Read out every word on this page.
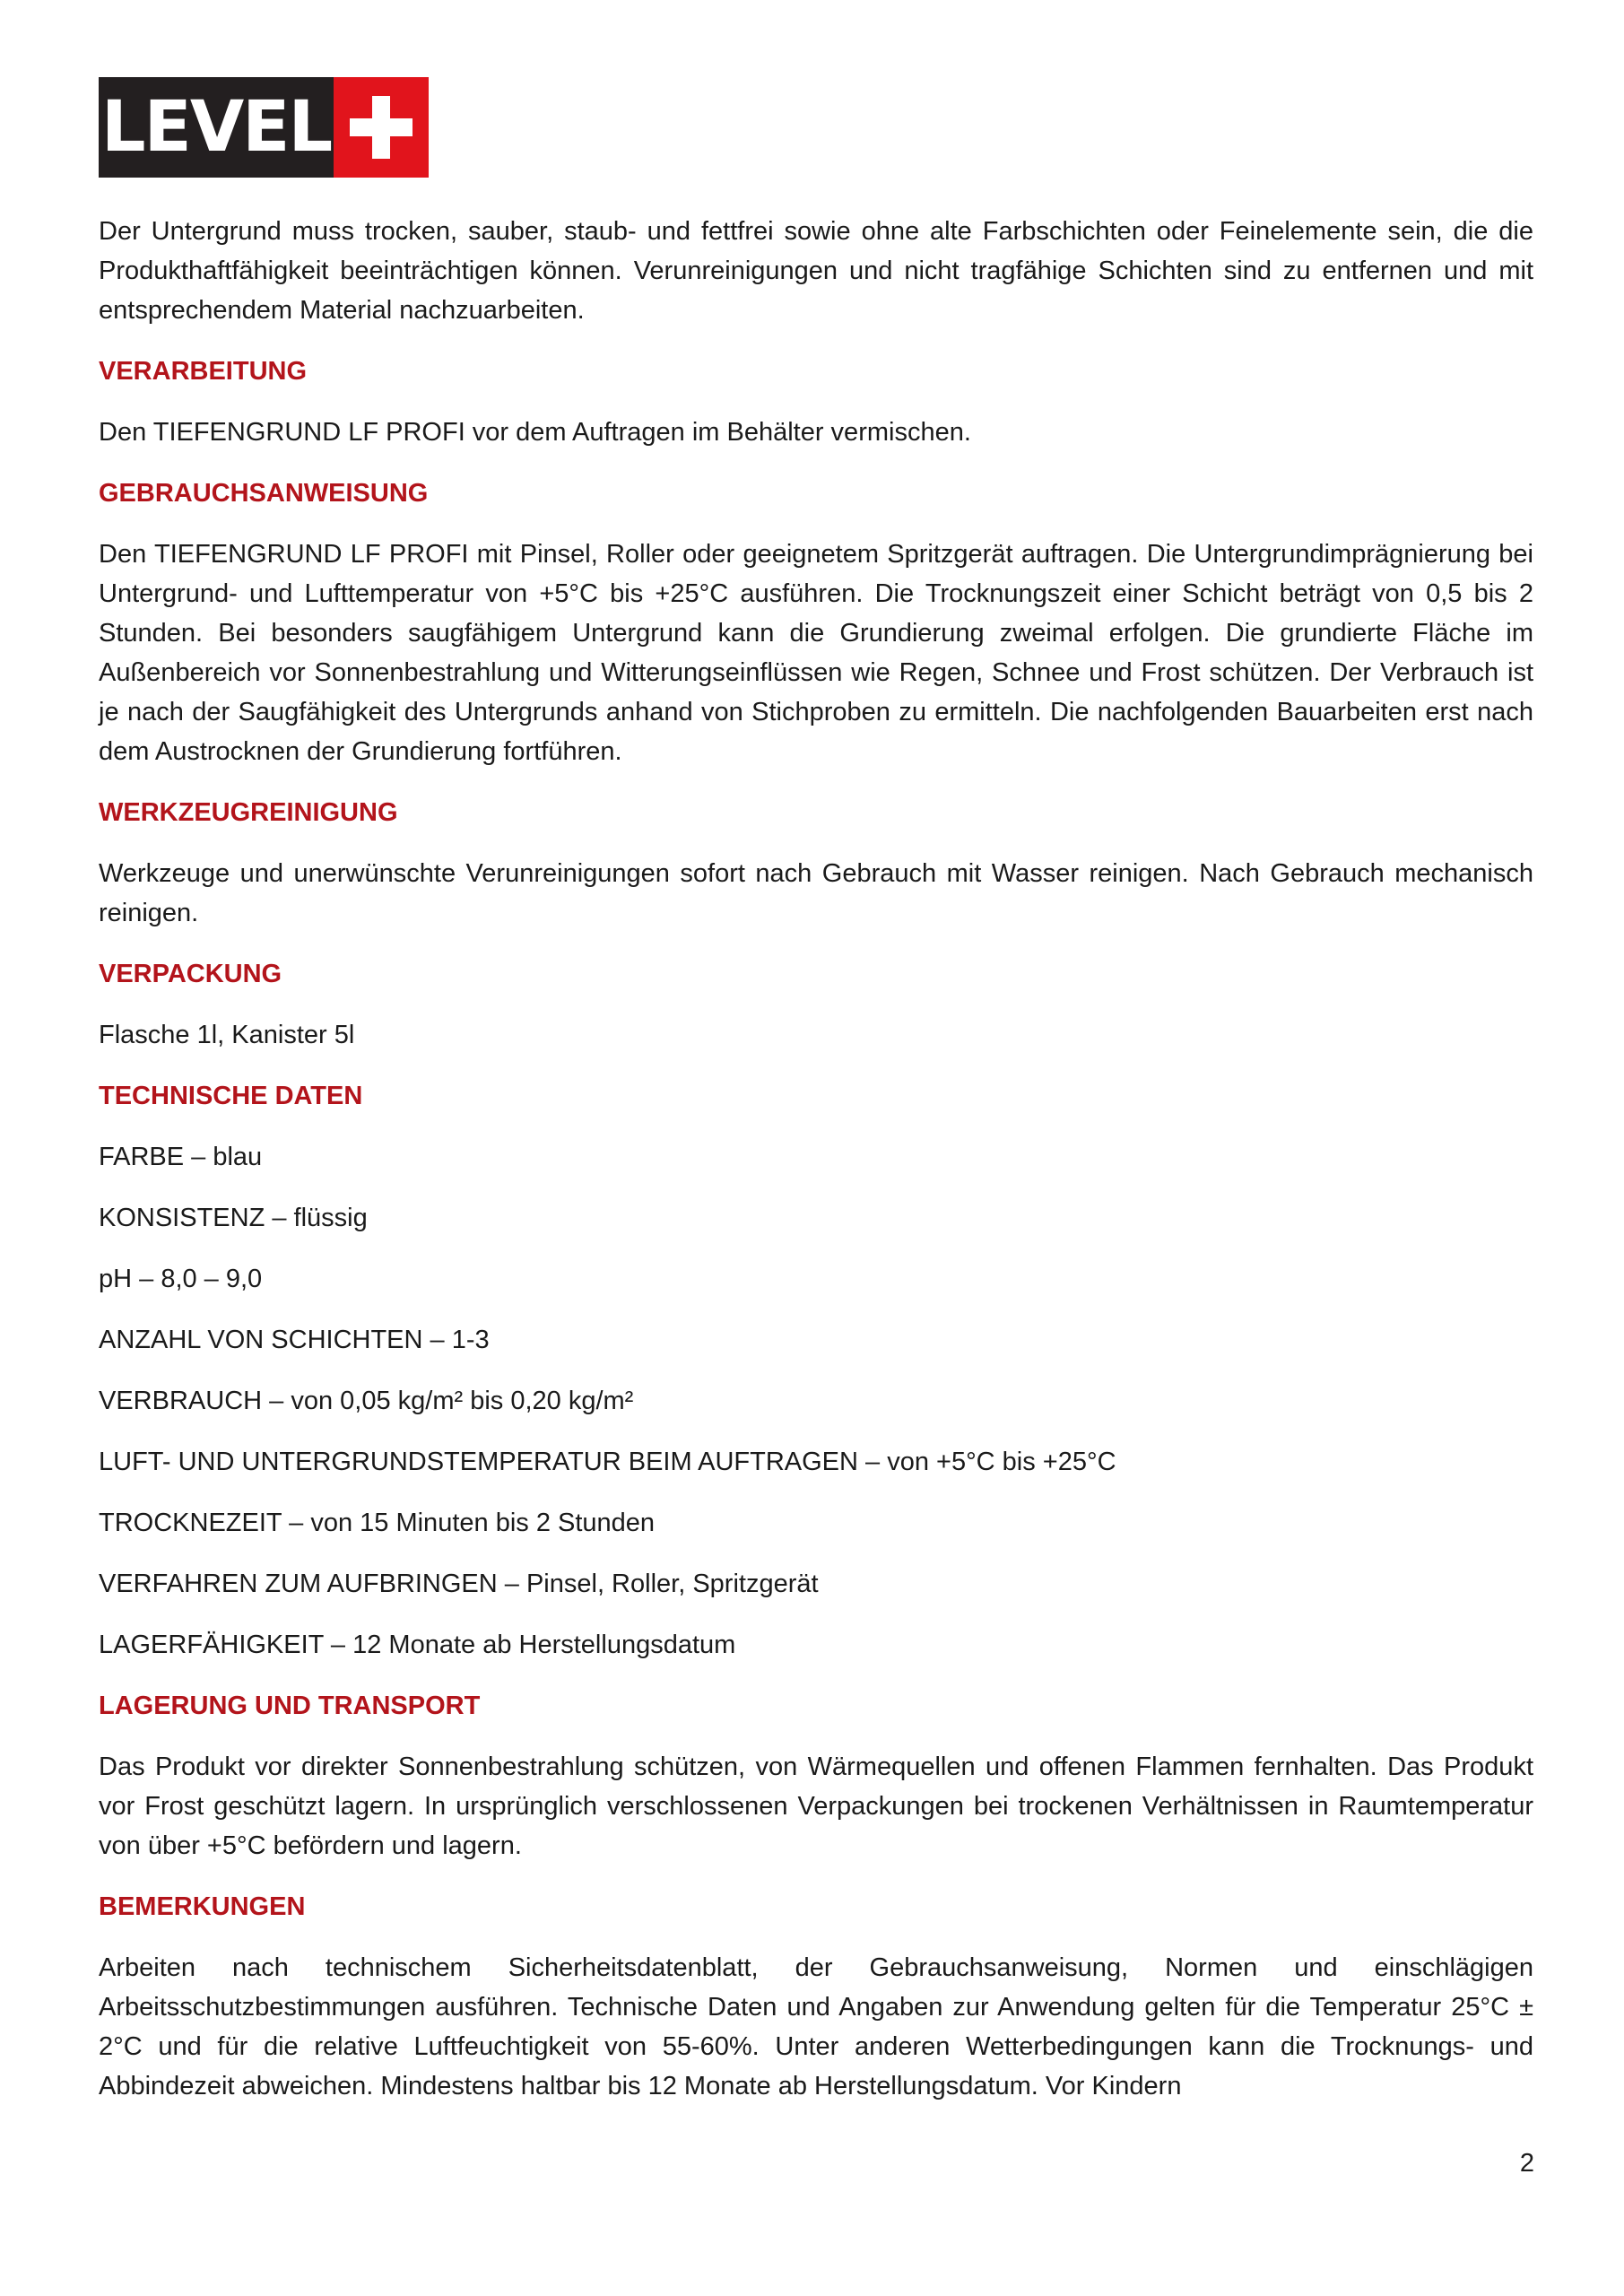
LEVEL

Der Untergrund muss trocken, sauber, staub- und fettfrei sowie ohne alte Farbschichten oder Feinelemente sein, die die Produkthaftfähigkeit beeinträchtigen können. Verunreinigungen und nicht tragfähige Schichten sind zu entfernen und mit entsprechendem Material nachzuarbeiten.

VERARBEITUNG

Den TIEFENGRUND LF PROFI vor dem Auftragen im Behälter vermischen.

GEBRAUCHSANWEISUNG

Den TIEFENGRUND LF PROFI mit Pinsel, Roller oder geeignetem Spritzgerät auftragen. Die Untergrundimprägnierung bei Untergrund- und Lufttemperatur von +5°C bis +25°C ausführen. Die Trocknungszeit einer Schicht beträgt von 0,5 bis 2 Stunden. Bei besonders saugfähigem Untergrund kann die Grundierung zweimal erfolgen. Die grundierte Fläche im Außenbereich vor Sonnenbestrahlung und Witterungseinflüssen wie Regen, Schnee und Frost schützen. Der Verbrauch ist je nach der Saugfähigkeit des Untergrunds anhand von Stichproben zu ermitteln. Die nachfolgenden Bauarbeiten erst nach dem Austrocknen der Grundierung fortführen.

WERKZEUGREINIGUNG

Werkzeuge und unerwünschte Verunreinigungen sofort nach Gebrauch mit Wasser reinigen. Nach Gebrauch mechanisch reinigen.

VERPACKUNG

Flasche 1l, Kanister 5l

TECHNISCHE DATEN

FARBE – blau

KONSISTENZ – flüssig

pH – 8,0 – 9,0

ANZAHL VON SCHICHTEN – 1-3

VERBRAUCH – von 0,05 kg/m² bis 0,20 kg/m²

LUFT- UND UNTERGRUNDSTEMPERATUR BEIM AUFTRAGEN – von +5°C bis +25°C

TROCKNEZEIT – von 15 Minuten bis 2 Stunden

VERFAHREN ZUM AUFBRINGEN – Pinsel, Roller, Spritzgerät

LAGERFÄHIGKEIT – 12 Monate ab Herstellungsdatum

LAGERUNG UND TRANSPORT

Das Produkt vor direkter Sonnenbestrahlung schützen, von Wärmequellen und offenen Flammen fernhalten. Das Produkt vor Frost geschützt lagern. In ursprünglich verschlossenen Verpackungen bei trockenen Verhältnissen in Raumtemperatur von über +5°C befördern und lagern.

BEMERKUNGEN

Arbeiten nach technischem Sicherheitsdatenblatt, der Gebrauchsanweisung, Normen und einschlägigen Arbeitsschutzbestimmungen ausführen. Technische Daten und Angaben zur Anwendung gelten für die Temperatur 25°C ± 2°C und für die relative Luftfeuchtigkeit von 55-60%. Unter anderen Wetterbedingungen kann die Trocknungs- und Abbindezeit abweichen. Mindestens haltbar bis 12 Monate ab Herstellungsdatum. Vor Kindern

2
